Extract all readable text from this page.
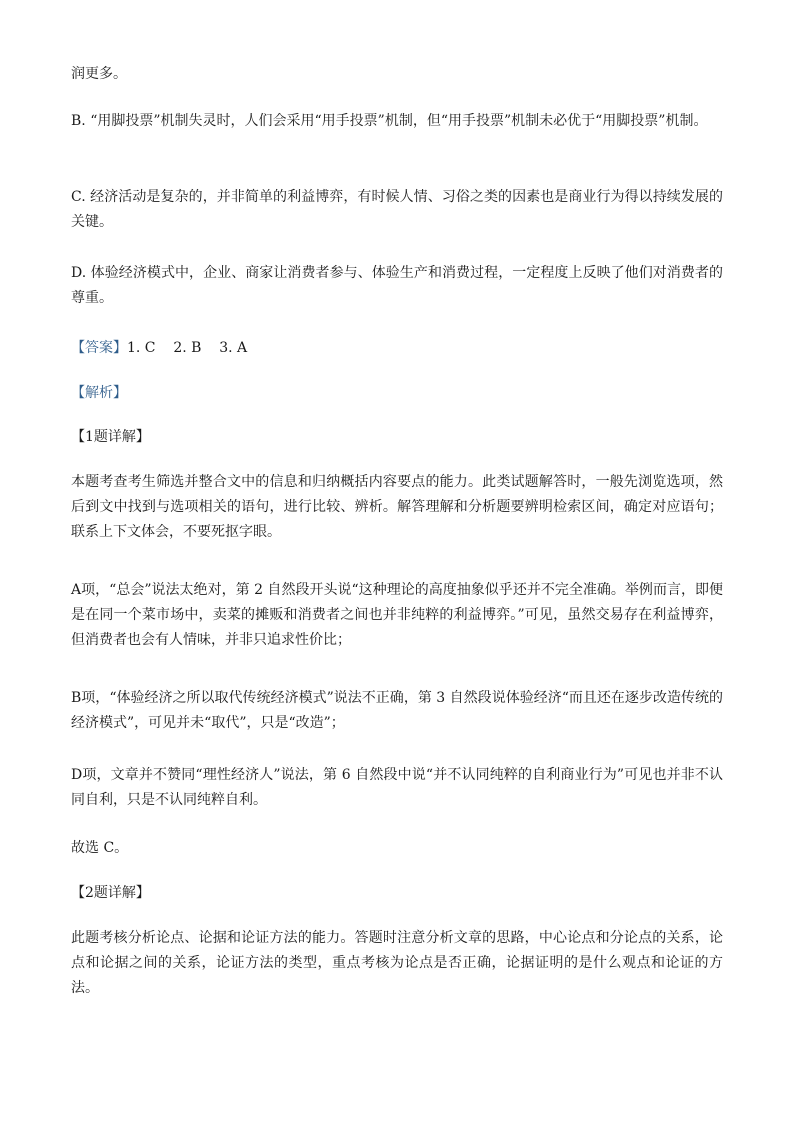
润更多。

B. “用脚投票”机制失灵时，人们会采用“用手投票”机制，但“用手投票”机制未必优于“用脚投票”机制。

C. 经济活动是复杂的，并非简单的利益博弈，有时候人情、习俗之类的因素也是商业行为得以持续发展的关键。

D. 体验经济模式中，企业、商家让消费者参与、体验生产和消费过程，一定程度上反映了他们对消费者的尊重。

【答案】1. C    2. B    3. A

【解析】

【1题详解】

本题考查考生筛选并整合文中的信息和归纳概括内容要点的能力。此类试题解答时，一般先浏览选项，然后到文中找到与选项相关的语句，进行比较、辨析。解答理解和分析题要辨明检索区间，确定对应语句；联系上下文体会，不要死抠字眼。

A项，“总会”说法太绝对，第 2 自然段开头说“这种理论的高度抽象似乎还并不完全准确。举例而言，即便是在同一个菜市场中，卖菜的摊贩和消费者之间也并非纯粹的利益博弈。”可见，虽然交易存在利益博弈，但消费者也会有人情味，并非只追求性价比；

B项，“体验经济之所以取代传统经济模式”说法不正确，第 3 自然段说体验经济“而且还在逐步改造传统的经济模式”，可见并未“取代”，只是“改造”；

D项，文章并不赞同“理性经济人”说法，第 6 自然段中说“并不认同纯粹的自利商业行为”可见也并非不认同自利，只是不认同纯粹自利。

故选 C。

【2题详解】

此题考核分析论点、论据和论证方法的能力。答题时注意分析文章的思路，中心论点和分论点的关系，论点和论据之间的关系，论证方法的类型，重点考核为论点是否正确，论据证明的是什么观点和论证的方法。
